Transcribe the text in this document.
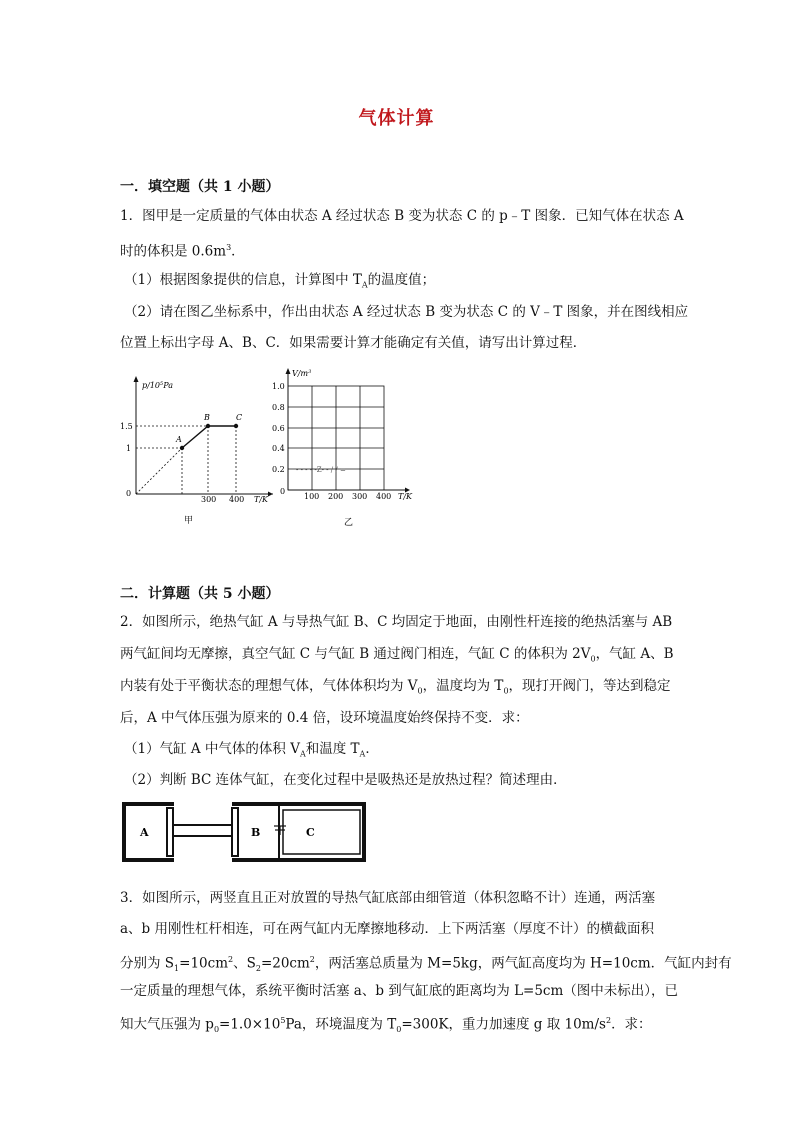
气体计算
一．填空题（共 1 小题）
1．图甲是一定质量的气体由状态 A 经过状态 B 变为状态 C 的 p﹣T 图象．已知气体在状态 A
时的体积是 $0.6m^3$．
（1）根据图象提供的信息，计算图中 $T_A$的温度值；
（2）请在图乙坐标系中，作出由状态 A 经过状态 B 变为状态 C 的 V﹣T 图象，并在图线相应
位置上标出字母 A、B、C．如果需要计算才能确定有关值，请写出计算过程．
$p/10^5Pa$
1.5
1
0
300 400 T/K
A
B	C
甲
- - - - -Z- - / / =
$V/m^3$
1.0
0.8
0.6
0.4
0.2
0
100 200 300 400 T/K
乙
二．计算题（共 5 小题）
2．如图所示，绝热气缸 A 与导热气缸 B、C 均固定于地面，由刚性杆连接的绝热活塞与 AB
两气缸间均无摩擦，真空气缸 C 与气缸 B 通过阀门相连，气缸 C 的体积为 $2V_0$，气缸 A、B
内装有处于平衡状态的理想气体，气体体积均为 $V_0$，温度均为 $T_0$，现打开阀门，等达到稳定
后，A 中气体压强为原来的 0.4 倍，设环境温度始终保持不变．求：
（1）气缸 A 中气体的体积 $V_A$和温度 $T_A$．
（2）判断 BC 连体气缸，在变化过程中是吸热还是放热过程？简述理由．
A	B	C
3．如图所示，两竖直且正对放置的导热气缸底部由细管道（体积忽略不计）连通，两活塞
a、b 用刚性杠杆相连，可在两气缸内无摩擦地移动．上下两活塞（厚度不计）的横截面积
分别为 $S_1=10cm^2$、$S_2=20cm^2$，两活塞总质量为 M=5kg，两气缸高度均为 H=10cm．气缸内封有
一定质量的理想气体，系统平衡时活塞 a、b 到气缸底的距离均为 L=5cm（图中未标出），已
知大气压强为 $p_0=1.0\times 10^5Pa$，环境温度为 $T_0=300K$，重力加速度 g 取 $10m/s^2$．求：
